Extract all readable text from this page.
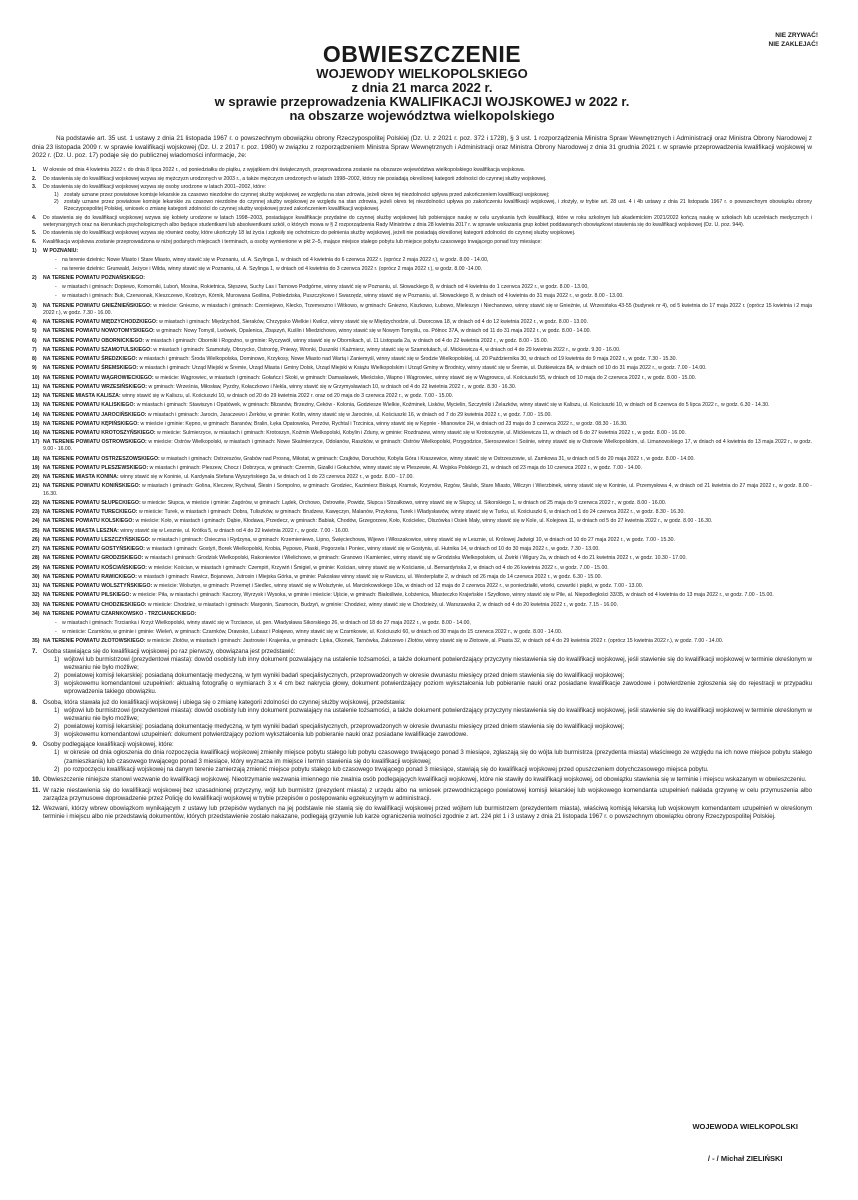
NIE ZRYWAĆ!
NIE ZAKLEJAĆ!
OBWIESZCZENIE
WOJEWODY WIELKOPOLSKIEGO
z dnia 21 marca 2022 r.
w sprawie przeprowadzenia KWALIFIKACJI WOJSKOWEJ w 2022 r.
na obszarze województwa wielkopolskiego

Na podstawie art. 35 ust. 1 ustawy z dnia 21 listopada 1967 r. o powszechnym obowiązku obrony Rzeczypospolitej Polskiej (Dz. U. z 2021 r. poz. 372 i 1728), § 3 ust. 1 rozporządzenia Ministra Spraw Wewnętrznych i Administracji oraz Ministra Obrony Narodowej z dnia 23 listopada 2009 r. w sprawie kwalifikacji wojskowej (Dz. U. z 2017 r. poz. 1980) w związku z rozporządzeniem Ministra Spraw Wewnętrznych i Administracji oraz Ministra Obrony Narodowej z dnia 31 grudnia 2021 r. w sprawie przeprowadzenia kwalifikacji wojskowej w 2022 r. (Dz. U. poz. 17) podaje się do publicznej wiadomości informacje, że:

1. W okresie od dnia 4 kwietnia 2022 r. do dnia 8 lipca 2022 r., od poniedziałku do piątku, z wyjątkiem dni świątecznych, przeprowadzona zostanie na obszarze województwa wielkopolskiego kwalifikacja wojskowa.
2. Do stawienia się do kwalifikacji wojskowej wzywa się mężczyzn urodzonych w 2003 r., a także mężczyzn urodzonych w latach 1998–2002, którzy nie posiadają określonej kategorii zdolności do czynnej służby wojskowej.
3. Do stawienia się do kwalifikacji wojskowej wzywa się osoby urodzone w latach 2001–2002, które:
1) zostały uznane przez powiatowe komisje lekarskie za czasowo niezdolne do czynnej służby wojskowej ze względu na stan zdrowia, jeżeli okres tej niezdolności upływa przed zakończeniem kwalifikacji wojskowej;
2) zostały uznane przez powiatowe komisje lekarskie za czasowo niezdolne do czynnej służby wojskowej ze względu na stan zdrowia, jeżeli okres tej niezdolności upływa po zakończeniu kwalifikacji wojskowej, i złożyły, w trybie art. 28 ust. 4 i 4b ustawy z dnia 21 listopada 1967 r. o powszechnym obowiązku obrony Rzeczypospolitej Polskiej, wniosek o zmianę kategorii zdolności do czynnej służby wojskowej przed zakończeniem kwalifikacji wojskowej.
4. Do stawienia się do kwalifikacji wojskowej wzywa się kobiety urodzone w latach 1998–2003, posiadające kwalifikacje przydatne do czynnej służby wojskowej lub pobierające naukę w celu uzyskania tych kwalifikacji, które w roku szkolnym lub akademickim 2021/2022 kończą naukę w szkołach lub uczelniach medycznych i weterynaryjnych oraz na kierunkach psychologicznych albo będące studentkami lub absolwentkami szkół, o których mowa w § 2 rozporządzenia Rady Ministrów z dnia 28 kwietnia 2017 r. w sprawie wskazania grup kobiet poddawanych obowiązkowi stawienia się do kwalifikacji wojskowej (Dz. U. poz. 944).
5. Do stawienia się do kwalifikacji wojskowej wzywa się również osoby, które ukończyły 18 lat życia i zgłosiły się ochotniczo do pełnienia służby wojskowej, jeżeli nie posiadają określonej kategorii zdolności do czynnej służby wojskowej.
6. Kwalifikacja wojskowa zostanie przeprowadzona w niżej podanych miejscach i terminach, a osoby wymienione w pkt 2–5, mające miejsce stałego pobytu lub miejsce pobytu czasowego trwającego ponad trzy miesiące:
1) W POZNANIU:
- na terenie dzielnic: Nowe Miasto i Stare Miasto, winny stawić się w Poznaniu, ul. A. Szylinga 1, w dniach od 4 kwietnia do 6 czerwca 2022 r. (oprócz 2 maja 2022 r.), w godz. 8.00 - 14.00,
- na terenie dzielnic: Grunwald, Jeżyce i Wilda, winny stawić się w Poznaniu, ul. A. Szylinga 1, w dniach od 4 kwietnia do 3 czerwca 2022 r. (oprócz 2 maja 2022 r.), w godz. 8.00 -14.00.
2) NA TERENIE POWIATU POZNAŃSKIEGO:
- w miastach i gminach: Dopiewo, Komorniki, Luboń, Mosina, Rokietnica, Stęszew, Suchy Las i Tarnowo Podgórne, winny stawić się w Poznaniu, ul. Słowackiego 8, w dniach od 4 kwietnia do 1 czerwca 2022 r., w godz. 8.00 - 13.00,
- w miastach i gminach: Buk, Czerwonak, Kleszczewo, Kostrzyn, Kórnik, Murowana Goślina, Pobiedziska, Puszczykowo i Swarzędz, winny stawić się w Poznaniu, ul. Słowackiego 8, w dniach od 4 kwietnia do 31 maja 2022 r., w godz. 8.00 - 13.00.
3) NA TERENIE POWIATU GNIEŹNIEŃSKIEGO: w mieście: Gniezno, w miastach i gminach: Czerniejewo, Kłecko, Trzemeszno i Witkowo, w gminach: Gniezno, Kiszkowo, Łubowo, Mieleszyn i Niechanowo, winny stawić się w Gnieźnie, ul. Wrzesińska 43-55 (budynek nr 4), od 5 kwietnia do 17 maja 2022 r. (oprócz 15 kwietnia i 2 maja 2022 r.), w godz. 7.30 - 16.00.
4) NA TERENIE POWIATU MIĘDZYCHODZKIEGO: w miastach i gminach: Międzychód, Sieraków, Chrzypsko Wielkie i Kwilcz, winny stawić się w Międzychodzie, ul. Dworcowa 18, w dniach od 4 do 12 kwietnia 2022 r., w godz. 8.00 - 13.00.
5) NA TERENIE POWIATU NOWOTOMYSKIEGO: w gminach: Nowy Tomyśl, Lwówek, Opalenica, Zbąszyń, Kuślin i Miedzichowo, winny stawić się w Nowym Tomyślu, os. Północ 37A, w dniach od 11 do 31 maja 2022 r., w godz. 8.00 - 14.00.
6) NA TERENIE POWIATU OBORNICKIEGO: w miastach i gminach: Oborniki i Rogoźno, w gminie: Ryczywół, winny stawić się w Obornikach, ul. 11 Listopada 2a, w dniach od 4 do 22 kwietnia 2022 r., w godz. 8.00 - 15.00.
7) NA TERENIE POWIATU SZAMOTULSKIEGO: w miastach i gminach: Szamotuły, Obrzycko, Ostroróg, Pniewy, Wronki, Duszniki i Kaźmierz, winny stawić się w Szamotułach, ul. Mickiewicza 4, w dniach od 4 do 29 kwietnia 2022 r., w godz. 9.30 - 16.00.
8) NA TERENIE POWIATU ŚREDZKIEGO: w miastach i gminach: Środa Wielkopolska, Dominowo, Krzykosy, Nowe Miasto nad Wartą i Zaniemyśl, winny stawić się w Środzie Wielkopolskiej, ul. 20 Października 30, w dniach od 19 kwietnia do 9 maja 2022 r., w godz. 7.30 - 15.30.
9) NA TERENIE POWIATU ŚREMSKIEGO: w miastach i gminach: Urząd Miejski w Śremie, Urząd Miasta i Gminy Dolsk, Urząd Miejski w Książu Wielkopolskim i Urząd Gminy w Brodnicy, winny stawić się w Śremie, ul. Dutkiewicza 8A, w dniach od 10 do 31 maja 2022 r., w godz. 7.00 - 14.00.
10) NA TERENIE POWIATU WĄGROWIECKIEGO: w mieście: Wągrowiec, w miastach i gminach: Gołańcz i Skoki, w gminach: Damasławek, Mieścisko, Wapno i Wągrowiec, winny stawić się w Wągrowcu, ul. Kościuszki 55, w dniach od 10 maja do 2 czerwca 2022 r., w godz. 8.00 - 15.00.
11) NA TERENIE POWIATU WRZESIŃSKIEGO: w gminach: Września, Miłosław, Pyzdry, Kołaczkowo i Nekla, winny stawić się w Grzymysławiach 10, w dniach od 4 do 22 kwietnia 2022 r., w godz. 8.30 - 16.30.
12) NA TERENIE MIASTA KALISZA: winny stawić się w Kaliszu, ul. Kościuszki 10, w dniach od 20 do 29 kwietnia 2022 r. oraz od 20 maja do 3 czerwca 2022 r., w godz. 7.00 - 15.00.
13) NA TERENIE POWIATU KALISKIEGO: w miastach i gminach: Stawiszyn i Opatówek, w gminach: Blizanów, Brzeziny, Ceków - Kolonia, Godziesze Wielkie, Koźminek, Lisków, Mycielin, Szczytniki i Żelazków, winny stawić się w Kaliszu, ul. Kościuszki 10, w dniach od 8 czerwca do 5 lipca 2022 r., w godz. 6.30 - 14.30.
14) NA TERENIE POWIATU JAROCIŃSKIEGO: w miastach i gminach: Jarocin, Jaraczewo i Żerków, w gminie: Kotlin, winny stawić się w Jarocinie, ul. Kościuszki 16, w dniach od 7 do 29 kwietnia 2022 r., w godz. 7.00 - 15.00.
15) NA TERENIE POWIATU KĘPIŃSKIEGO: w mieście i gminie: Kępno, w gminach: Baranów, Bralin, Łęka Opatowska, Perzów, Rychtal i Trzcinica, winny stawić się w Kępnie - Mianowice 2H, w dniach od 23 maja do 3 czerwca 2022 r., w godz. 08.30 - 16.30.
16) NA TERENIE POWIATU KROTOSZYŃSKIEGO: w mieście: Sulmierzyce, w miastach i gminach: Krotoszyn, Koźmin Wielkopolski, Kobylin i Zduny, w gminie: Rozdrażew, winny stawić się w Krotoszynie, ul. Mickiewicza 11, w dniach od 6 do 27 kwietnia 2022 r., w godz. 8.00 - 16.00.
17) NA TERENIE POWIATU OSTROWSKIEGO: w mieście: Ostrów Wielkopolski, w miastach i gminach: Nowe Skalmierzyce, Odolanów, Raszków, w gminach: Ostrów Wielkopolski, Przygodzice, Sieroszewice i Sośnie, winny stawić się w Ostrowie Wielkopolskim, ul. Limanowskiego 17, w dniach od 4 kwietnia do 13 maja 2022 r., w godz. 9.00 - 16.00.
18) NA TERENIE POWIATU OSTRZESZOWSKIEGO: w miastach i gminach: Ostrzeszów, Grabów nad Prosną, Mikstat, w gminach: Czajków, Doruchów, Kobyla Góra i Kraszewice, winny stawić się w Ostrzeszowie, ul. Zamkowa 31, w dniach od 5 do 20 maja 2022 r., w godz. 8.00 - 14.00.
19) NA TERENIE POWIATU PLESZEWSKIEGO: w miastach i gminach: Pleszew, Chocz i Dobrzyca, w gminach: Czermin, Gizałki i Gołuchów, winny stawić się w Pleszewie, Al. Wojska Polskiego 21, w dniach od 23 maja do 10 czerwca 2022 r., w godz. 7.00 - 14.00.
20) NA TERENIE MIASTA KONINA: winny stawić się w Koninie, ul. Kardynała Stefana Wyszyńskiego 3a, w dniach od 1 do 23 czerwca 2022 r., w godz. 8.00 - 17.00.
21) NA TERENIE POWIATU KONIŃSKIEGO: w miastach i gminach: Golina, Kleczew, Rychwał, Ślesin i Sompolno, w gminach: Grodziec, Kazimierz Biskupi, Kramsk, Krzymów, Rzgów, Skulsk, Stare Miasto, Wilczyn i Wierzbinek, winny stawić się w Koninie, ul. Przemysłowa 4, w dniach od 21 kwietnia do 27 maja 2022 r., w godz. 8.00 - 16.30.
22) NA TERENIE POWIATU SŁUPECKIEGO: w mieście: Słupca, w mieście i gminie: Zagórów, w gminach: Lądek, Orchowo, Ostrowite, Powidz, Słupca i Strzałkowo, winny stawić się w Słupcy, ul. Sikorskiego 1, w dniach od 25 maja do 9 czerwca 2022 r., w godz. 8.00 - 16.00.
23) NA TERENIE POWIATU TURECKIEGO: w mieście: Turek, w miastach i gminach: Dobra, Tuliszków, w gminach: Brudzew, Kawęczyn, Malanów, Przykona, Turek i Władysławów, winny stawić się w Turku, ul. Kościuszki 6, w dniach od 1 do 24 czerwca 2022 r., w godz. 8.30 - 16.30.
24) NA TERENIE POWIATU KOLSKIEGO: w mieście: Koło, w miastach i gminach: Dąbie, Kłodawa, Przedecz, w gminach: Babiak, Chodów, Grzegorzew, Koło, Kościelec, Olszówka i Osiek Mały, winny stawić się w Kole, ul. Kolejowa 11, w dniach od 5 do 27 kwietnia 2022 r., w godz. 8.00 - 16.30.
25) NA TERENIE MIASTA LESZNA: winny stawić się w Lesznie, ul. Krótka 5, w dniach od 4 do 22 kwietnia 2022 r., w godz. 7.00 - 16.00.
26) NA TERENIE POWIATU LESZCZYŃSKIEGO: w miastach i gminach: Osieczna i Rydzyna, w gminach: Krzemieniewo, Lipno, Święciechowa, Wijewo i Włoszakowice, winny stawić się w Lesznie, ul. Królowej Jadwigi 10, w dniach od 10 do 27 maja 2022 r., w godz. 7.00 - 15.30.
27) NA TERENIE POWIATU GOSTYŃSKIEGO: w miastach i gminach: Gostyń, Borek Wielkopolski, Krobia, Pępowo, Piaski, Pogorzela i Poniec, winny stawić się w Gostyniu, ul. Hutnika 14, w dniach od 10 do 30 maja 2022 r., w godz. 7.30 - 13.00.
28) NA TERENIE POWIATU GRODZISKIEGO: w miastach i gminach: Grodzisk Wielkopolski, Rakoniewice i Wielichowo, w gminach: Granowo i Kamieniec, winny stawić się w Grodzisku Wielkopolskim, ul. Żwirki i Wigury 2a, w dniach od 4 do 21 kwietnia 2022 r., w godz. 10.30 - 17.00.
29) NA TERENIE POWIATU KOŚCIAŃSKIEGO: w mieście: Kościan, w miastach i gminach: Czempiń, Krzywiń i Śmigiel, w gminie: Kościan, winny stawić się w Kościanie, ul. Bernardyńska 2, w dniach od 4 do 26 kwietnia 2022 r., w godz. 7.00 - 15.00.
30) NA TERENIE POWIATU RAWICKIEGO: w miastach i gminach: Rawicz, Bojanowo, Jutrosin i Miejska Górka, w gminie: Pakosław winny stawić się w Rawiczu, ul. Westerplatte 2, w dniach od 26 maja do 14 czerwca 2022 r., w godz. 6.30 - 15.00.
31) NA TERENIE POWIATU WOLSZTYŃSKIEGO: w mieście: Wolsztyn, w gminach: Przemęt i Siedlec, winny stawić się w Wolsztynie, ul. Marcinkowskiego 10a, w dniach od 12 maja do 2 czerwca 2022 r., w poniedziałki, wtorki, czwartki i piątki, w godz. 7.00 - 13.00.
32) NA TERENIE POWIATU PILSKIEGO: w mieście: Piła, w miastach i gminach: Kaczory, Wyrzysk i Wysoka, w gminie i mieście: Ujście, w gminach: Białośliwie, Łobżenica, Miasteczko Krajeńskie i Szydłowo, winny stawić się w Pile, al. Niepodległości 33/35, w dniach od 4 kwietnia do 13 maja 2022 r., w godz. 7.00 - 15.00.
33) NA TERENIE POWIATU CHODZIESKIEGO: w mieście: Chodzież, w miastach i gminach: Margonin, Szamocin, Budzyń, w gminie: Chodzież, winny stawić się w Chodzieży, ul. Warszawska 2, w dniach od 4 do 20 kwietnia 2022 r., w godz. 7.15 - 16.00.
34) NA TERENIE POWIATU CZARNKOWSKO - TRZCIANECKIEGO:
- w miastach i gminach: Trzcianka i Krzyż Wielkopolski, winny stawić się w Trzciance, ul. gen. Władysława Sikorskiego 26, w dniach od 18 do 27 maja 2022 r., w godz. 8.00 - 14.00,
- w mieście: Czarnków, w gminie i gminie: Wieleń, w gminach: Czarnków, Drawsko, Lubasz i Połajewo, winny stawić się w Czarnkowie, ul. Kościuszki 60, w dniach od 30 maja do 15 czerwca 2022 r., w godz. 8.00 - 14.00.
35) NA TERENIE POWIATU ZŁOTOWSKIEGO: w mieście: Złotów, w miastach i gminach: Jastrowie i Krajenka, w gminach: Lipka, Okonek, Tarnówka, Zakrzewo i Złotów, winny stawić się w Złotowie, al. Piasta 32, w dniach od 4 do 29 kwietnia 2022 r. (oprócz 15 kwietnia 2022 r.), w godz. 7.00 - 14.00.
7. Osoba stawiająca się do kwalifikacji wojskowej po raz pierwszy, obowiązana jest przedstawić:
1) wójtowi lub burmistrzowi (prezydentowi miasta): dowód osobisty lub inny dokument pozwalający na ustalenie tożsamości, a także dokument potwierdzający przyczyny niestawienia się do kwalifikacji wojskowej, jeśli stawienie się do kwalifikacji wojskowej w terminie określonym w wezwaniu nie było możliwe;
2) powiatowej komisji lekarskiej: posiadaną dokumentację medyczną, w tym wyniki badań specjalistycznych, przeprowadzonych w okresie dwunastu miesięcy przed dniem stawienia się do kwalifikacji wojskowej;
3) wojskowemu komendantowi uzupełnień: aktualną fotografię o wymiarach 3 x 4 cm bez nakrycia głowy, dokument potwierdzający poziom wykształcenia lub pobieranie nauki oraz posiadane kwalifikacje zawodowe i potwierdzenie zgłoszenia się do rejestracji w przypadku wprowadzenia takiego obowiązku.
8. Osoba, która stawała już do kwalifikacji wojskowej i ubiega się o zmianę kategorii zdolności do czynnej służby wojskowej, przedstawia:
1) wójtowi lub burmistrzowi (prezydentowi miasta): dowód osobisty lub inny dokument pozwalający na ustalenie tożsamości, a także dokument potwierdzający przyczyny niestawienia się do kwalifikacji wojskowej, jeśli stawienie się do kwalifikacji wojskowej w terminie określonym w wezwaniu nie było możliwe;
2) powiatowej komisji lekarskiej: posiadaną dokumentację medyczną, w tym wyniki badań specjalistycznych, przeprowadzonych w okresie dwunastu miesięcy przed dniem stawienia się do kwalifikacji wojskowej;
3) wojskowemu komendantowi uzupełnień: dokument potwierdzający poziom wykształcenia lub pobieranie nauki oraz posiadane kwalifikacje zawodowe.
9. Osoby podlegające kwalifikacji wojskowej, które:
1) w okresie od dnia ogłoszenia do dnia rozpoczęcia kwalifikacji wojskowej zmieniły miejsce pobytu stałego lub pobytu czasowego trwającego ponad 3 miesiące, zgłaszają się do wójta lub burmistrza (prezydenta miasta) właściwego ze względu na ich nowe miejsce pobytu stałego (zamieszkania) lub czasowego trwającego ponad 3 miesiące, który wyznacza im miejsce i termin stawienia się do kwalifikacji wojskowej;
2) po rozpoczęciu kwalifikacji wojskowej na danym terenie zamierzają zmienić miejsce pobytu stałego lub czasowego trwającego ponad 3 miesiące, stawiają się do kwalifikacji wojskowej przed opuszczeniem dotychczasowego miejsca pobytu.
10. Obwieszczenie niniejsze stanowi wezwanie do kwalifikacji wojskowej. Nieotrzymanie wezwania imiennego nie zwalnia osób podlegających kwalifikacji wojskowej, które nie stawiły do kwalifikacji wojskowej, od obowiązku stawienia się w terminie i miejscu wskazanym w obwieszczeniu.
11. W razie niestawienia się do kwalifikacji wojskowej bez uzasadnionej przyczyny, wójt lub burmistrz (prezydent miasta) z urzędu albo na wniosek przewodniczącego powiatowej komisji lekarskiej lub wojskowego komendanta uzupełnień nakłada grzywnę w celu przymuszenia albo zarządza przymusowe doprowadzenie przez Policję do kwalifikacji wojskowej w trybie przepisów o postępowaniu egzekucyjnym w administracji.
12. Wezwani, którzy wbrew obowiązkom wynikającym z ustawy lub przepisów wydanych na jej podstawie nie stawią się do kwalifikacji wojskowej przed wójtem lub burmistrzem (prezydentem miasta), właściwą komisją lekarską lub wojskowym komendantem uzupełnień w określonym terminie i miejscu albo nie przedstawią dokumentów, których przedstawienie zostało nakazane, podlegają grzywnie lub karze ograniczenia wolności zgodnie z art. 224 pkt 1 i 3 ustawy z dnia 21 listopada 1967 r. o powszechnym obowiązku obrony Rzeczypospolitej Polskiej.
WOJEWODA WIELKOPOLSKI
/ - / Michał ZIELIŃSKI
